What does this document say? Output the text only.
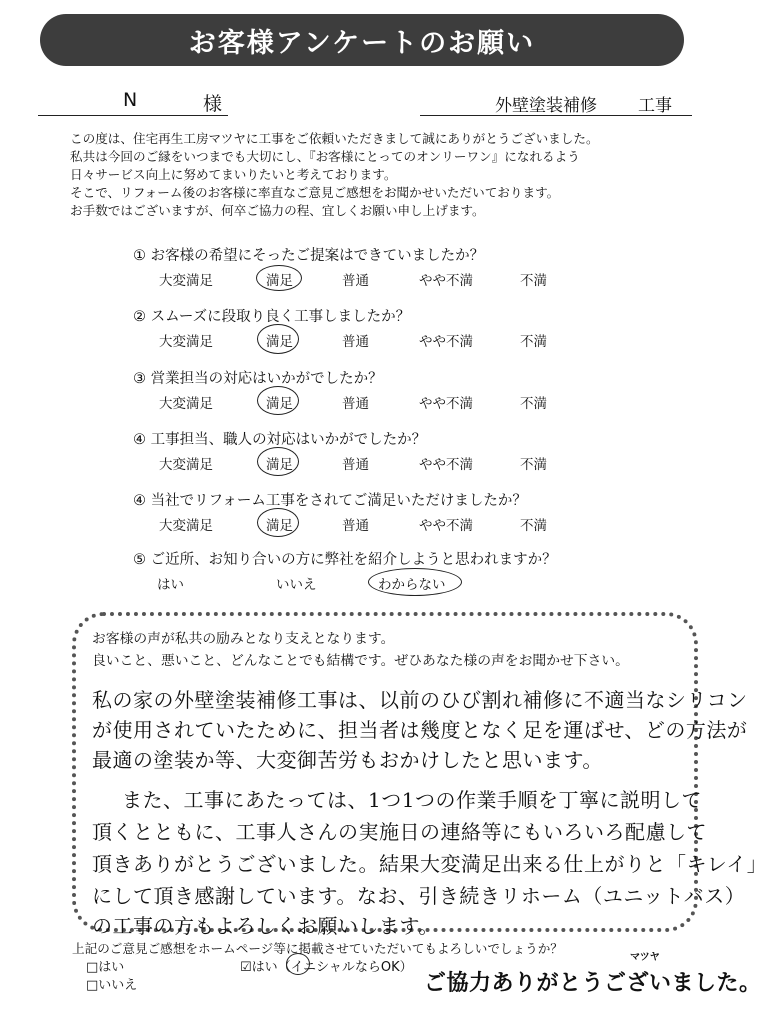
お客様アンケートのお願い
N	様	外壁塗装補修 工事
この度は、住宅再生工房マツヤに工事をご依頼いただきまして誠にありがとうございました。
私共は今回のご縁をいつまでも大切にし、『お客様にとってのオンリーワン』になれるよう
日々サービス向上に努めてまいりたいと考えております。
そこで、リフォーム後のお客様に率直なご意見ご感想をお聞かせいただいております。
お手数ではございますが、何卒ご協力の程、宜しくお願い申し上げます。
① お客様の希望にそったご提案はできていましたか？
大変満足	満足	普通	やや不満	不満
② スムーズに段取り良く工事しましたか？
大変満足	満足	普通	やや不満	不満
③ 営業担当の対応はいかがでしたか？
大変満足	満足	普通	やや不満	不満
④ 工事担当、職人の対応はいかがでしたか？
大変満足	満足	普通	やや不満	不満
④ 当社でリフォーム工事をされてご満足いただけましたか？
大変満足	満足	普通	やや不満	不満
⑤ ご近所、お知り合いの方に弊社を紹介しようと思われますか？
はい	いいえ	わからない
お客様の声が私共の励みとなり支えとなります。
良いこと、悪いこと、どんなことでも結構です。ぜひあなた様の声をお聞かせ下さい。
私の家の外壁塗装補修工事は、以前のひび割れ補修に不適当なシリコン
が使用されていたために、担当者は幾度となく足を運ばせ、どの方法が
最適の塗装か等、大変御苦労もおかけしたと思います。
また、工事にあたっては、1つ1つの作業手順を丁寧に説明して
頂くとともに、工事人さんの実施日の連絡等にもいろいろ配慮して
頂きありがとうございました。結果大変満足出来る仕上がりと「キレイ」
にして頂き感謝しています。なお、引き続きリホーム（ユニットバス）
の工事の方もよろしくお願いします。
上記のご意見ご感想をホームページ等に掲載させていただいてもよろしいでしょうか？
□はい
□いいえ
☑はい（イニシャルならOK）
マツヤ
ご協力ありがとうございました。
